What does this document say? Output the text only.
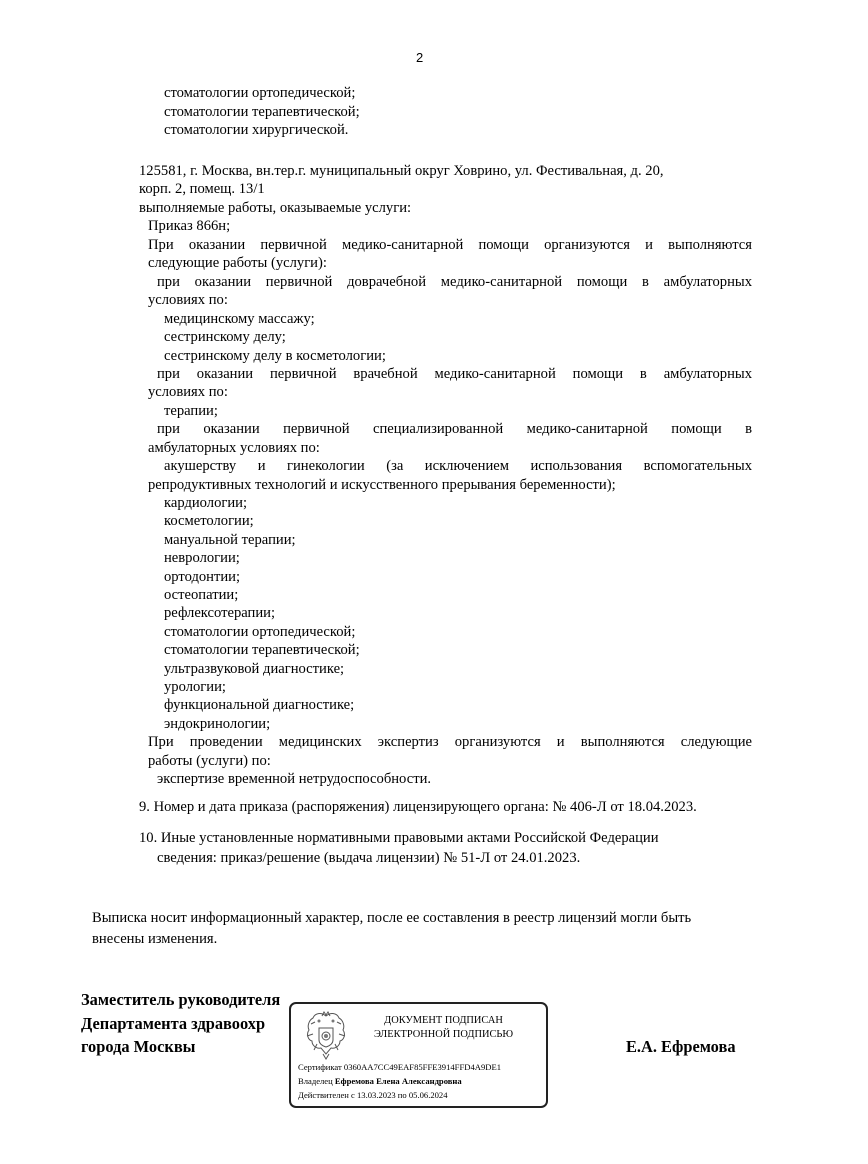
2
стоматологии ортопедической;
стоматологии терапевтической;
стоматологии хирургической.
125581, г. Москва, вн.тер.г. муниципальный округ Ховрино, ул. Фестивальная, д. 20,
корп. 2, помещ. 13/1
выполняемые работы, оказываемые услуги:
Приказ 866н;
При оказании первичной медико-санитарной помощи организуются и выполняются
следующие работы (услуги):
при оказании первичной доврачебной медико-санитарной помощи в амбулаторных
условиях по:
медицинскому массажу;
сестринскому делу;
сестринскому делу в косметологии;
при оказании первичной врачебной медико-санитарной помощи в амбулаторных
условиях по:
терапии;
при оказании первичной специализированной медико-санитарной помощи в
амбулаторных условиях по:
акушерству и гинекологии (за исключением использования вспомогательных
репродуктивных технологий и искусственного прерывания беременности);
кардиологии;
косметологии;
мануальной терапии;
неврологии;
ортодонтии;
остеопатии;
рефлексотерапии;
стоматологии ортопедической;
стоматологии терапевтической;
ультразвуковой диагностике;
урологии;
функциональной диагностике;
эндокринологии;
При проведении медицинских экспертиз организуются и выполняются следующие
работы (услуги) по:
экспертизе временной нетрудоспособности.
9. Номер и дата приказа (распоряжения) лицензирующего органа: № 406-Л от 18.04.2023.
10. Иные установленные нормативными правовыми актами Российской Федерации
сведения: приказ/решение (выдача лицензии) № 51-Л от 24.01.2023.
Выписка носит информационный характер, после ее составления в реестр лицензий могли быть
внесены изменения.
Заместитель руководителя
Департамента здравоохр
города Москвы	Е.А. Ефремова
ДОКУМЕНТ ПОДПИСАН
ЭЛЕКТРОННОЙ ПОДПИСЬЮ
Сертификат 0360AA7CC49EAF85FFE3914FFD4A9DE1
Владелец Ефремова Елена Александровна
Действителен с 13.03.2023 по 05.06.2024
